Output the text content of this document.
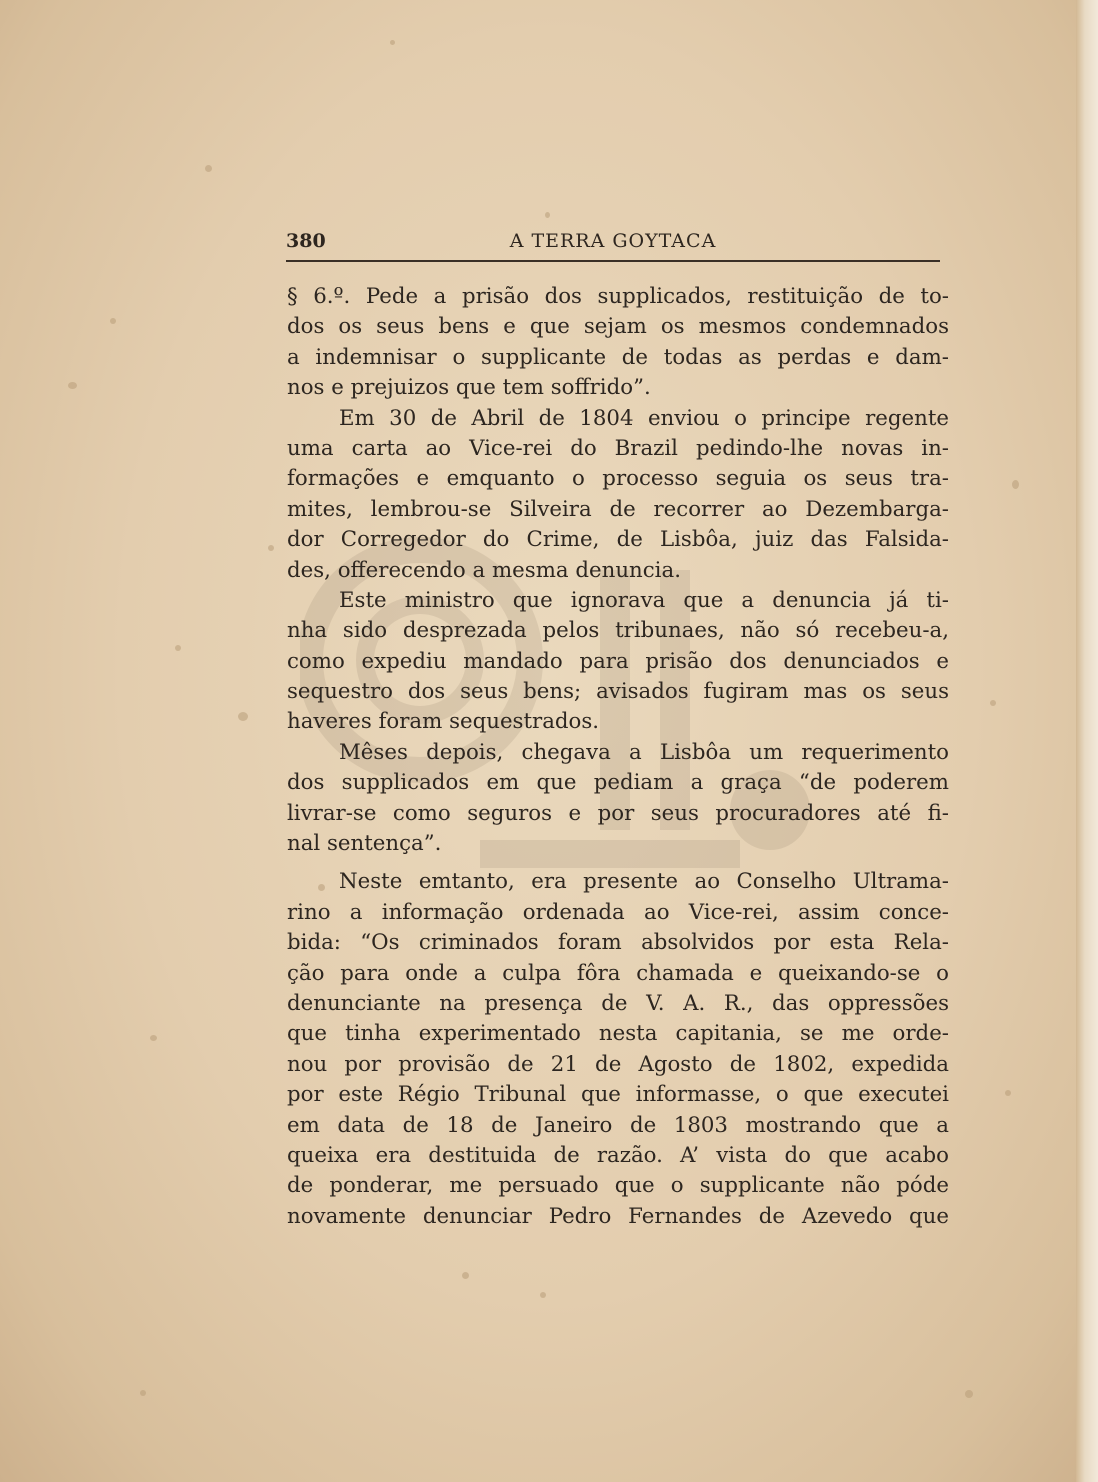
380	A TERRA GOYTACA
§ 6.º. Pede a prisão dos supplicados, restituição de to-
dos os seus bens e que sejam os mesmos condemnados
a indemnisar o supplicante de todas as perdas e dam-
nos e prejuizos que tem soffrido”.
Em 30 de Abril de 1804 enviou o principe regente
uma carta ao Vice-rei do Brazil pedindo-lhe novas in-
formações e emquanto o processo seguia os seus tra-
mites, lembrou-se Silveira de recorrer ao Dezembarga-
dor Corregedor do Crime, de Lisbôa, juiz das Falsida-
des, offerecendo a mesma denuncia.
Este ministro que ignorava que a denuncia já ti-
nha sido desprezada pelos tribunaes, não só recebeu-a,
como expediu mandado para prisão dos denunciados e
sequestro dos seus bens; avisados fugiram mas os seus
haveres foram sequestrados.
Mêses depois, chegava a Lisbôa um requerimento
dos supplicados em que pediam a graça “de poderem
livrar-se como seguros e por seus procuradores até fi-
nal sentença”.
Neste emtanto, era presente ao Conselho Ultrama-
rino a informação ordenada ao Vice-rei, assim conce-
bida: “Os criminados foram absolvidos por esta Rela-
ção para onde a culpa fôra chamada e queixando-se o
denunciante na presença de V. A. R., das oppressões
que tinha experimentado nesta capitania, se me orde-
nou por provisão de 21 de Agosto de 1802, expedida
por este Régio Tribunal que informasse, o que executei
em data de 18 de Janeiro de 1803 mostrando que a
queixa era destituida de razão. A’ vista do que acabo
de ponderar, me persuado que o supplicante não póde
novamente denunciar Pedro Fernandes de Azevedo que
